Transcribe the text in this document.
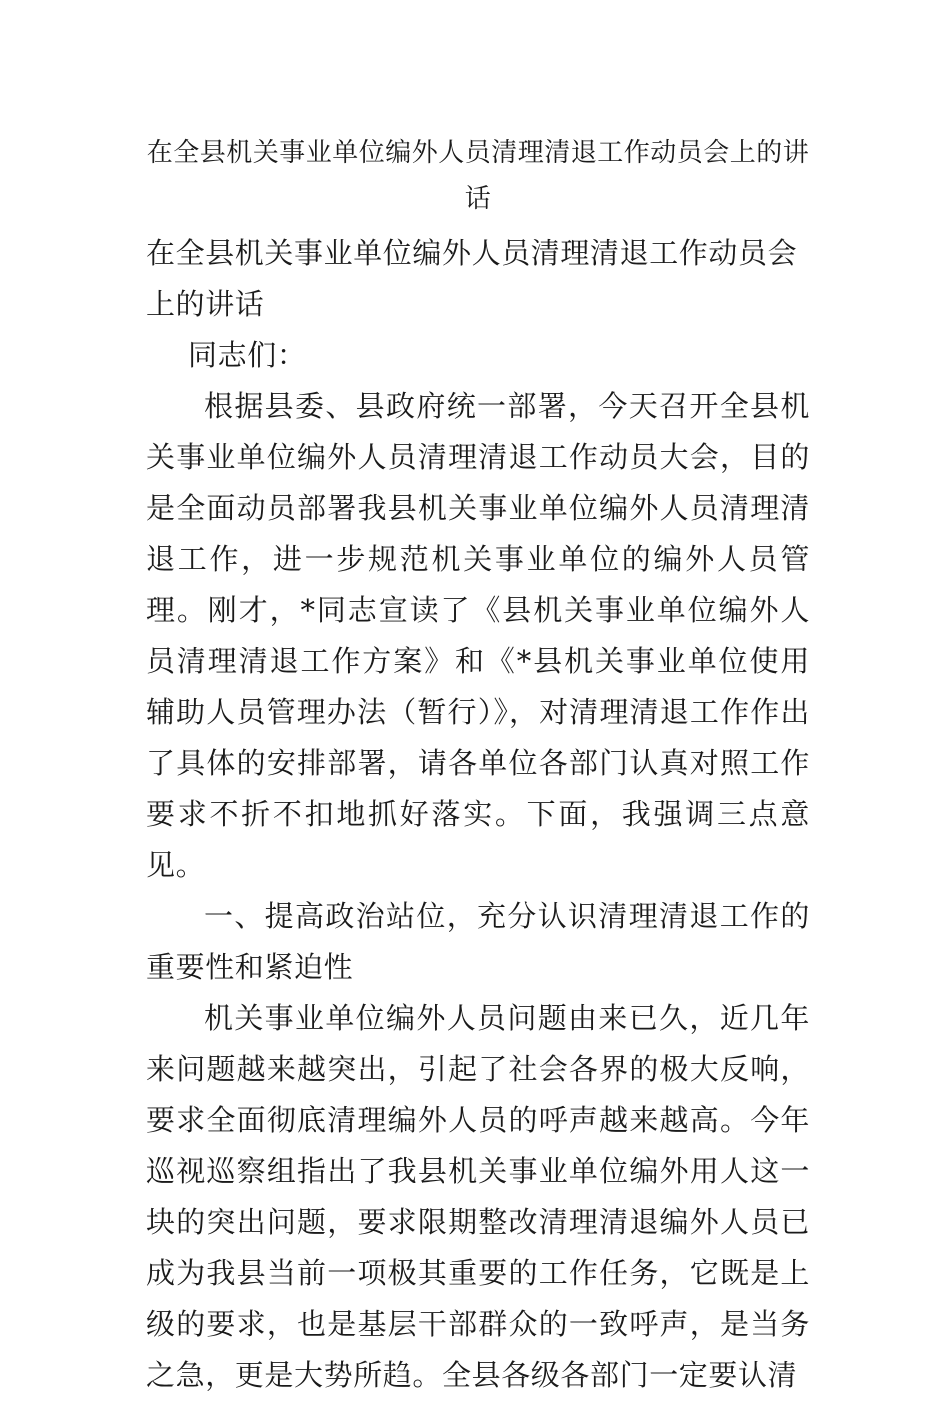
在全县机关事业单位编外人员清理清退工作动员会上的讲话

在全县机关事业单位编外人员清理清退工作动员会上的讲话

同志们：

根据县委、县政府统一部署，今天召开全县机关事业单位编外人员清理清退工作动员大会，目的是全面动员部署我县机关事业单位编外人员清理清退工作，进一步规范机关事业单位的编外人员管理。刚才，*同志宣读了《县机关事业单位编外人员清理清退工作方案》和《*县机关事业单位使用辅助人员管理办法（暂行）》，对清理清退工作作出了具体的安排部署，请各单位各部门认真对照工作要求不折不扣地抓好落实。下面，我强调三点意见。

一、提高政治站位，充分认识清理清退工作的重要性和紧迫性

机关事业单位编外人员问题由来已久，近几年来问题越来越突出，引起了社会各界的极大反响，要求全面彻底清理编外人员的呼声越来越高。今年巡视巡察组指出了我县机关事业单位编外用人这一块的突出问题，要求限期整改清理清退编外人员已成为我县当前一项极其重要的工作任务，它既是上级的要求，也是基层干部群众的一致呼声，是当务之急，更是大势所趋。全县各级各部门一定要认清
